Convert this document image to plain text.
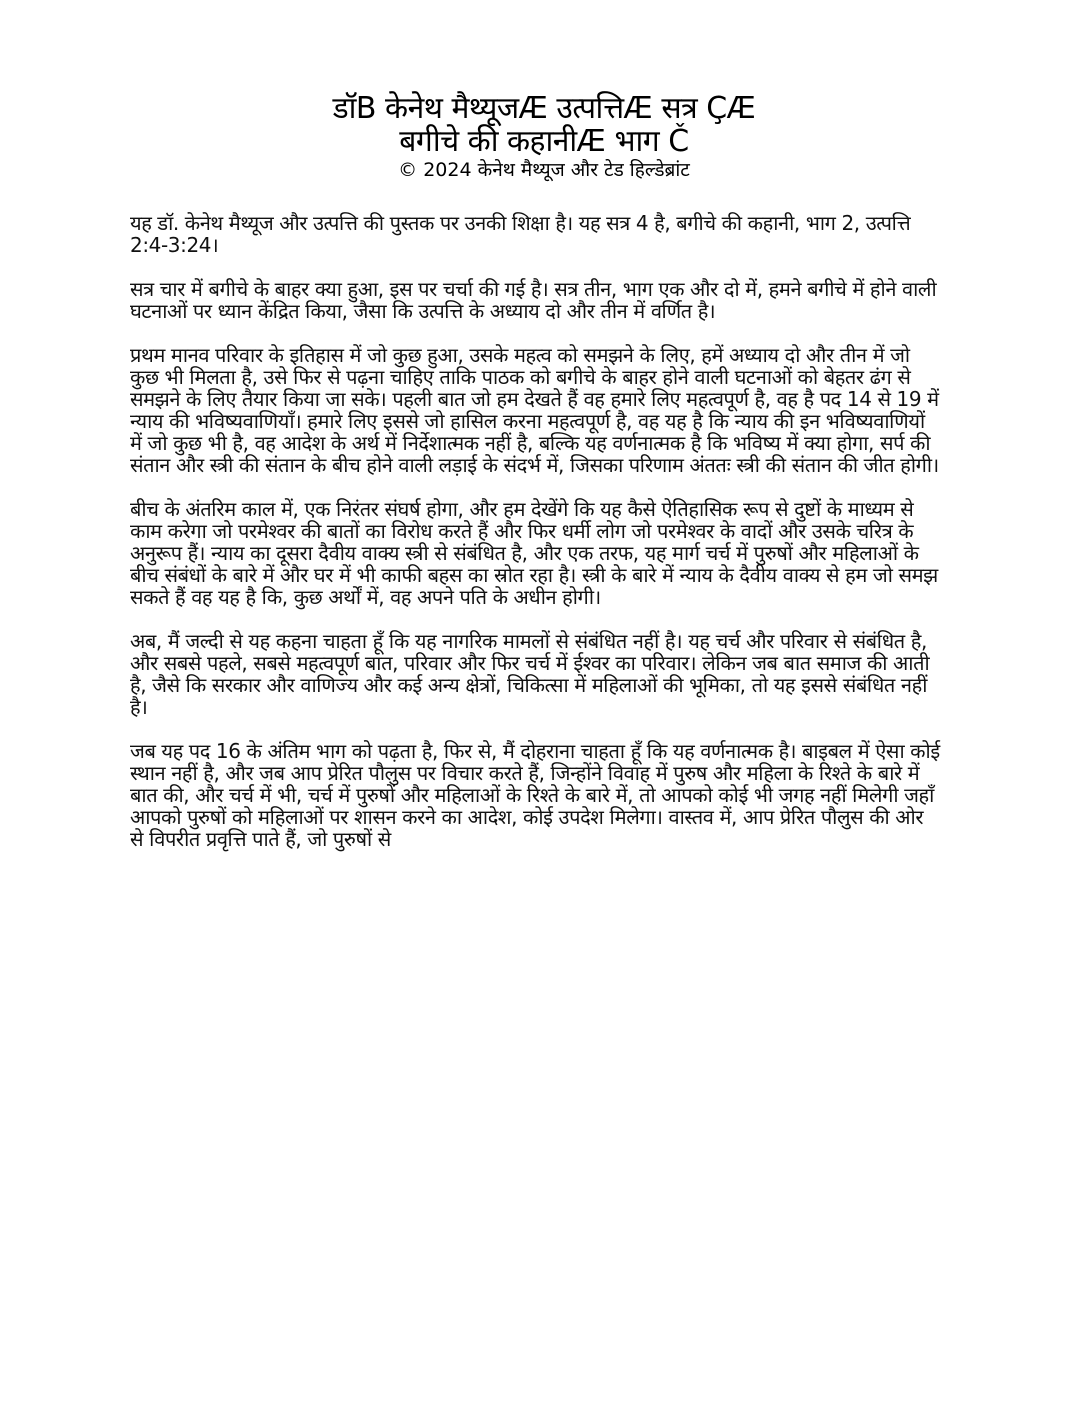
डॉB केनेथ मैथ्यूजÆ उत्पत्तिÆ सत्र ÇÆ
बगीचे की कहानीÆ भाग Č
© 2024 केनेथ मैथ्यूज और टेड हिल्डेब्रांट

यह डॉ. केनेथ मैथ्यूज और उत्पत्ति की पुस्तक पर उनकी शिक्षा है। यह सत्र 4 है, बगीचे की कहानी, भाग 2, उत्पत्ति 2:4-3:24।

सत्र चार में बगीचे के बाहर क्या हुआ, इस पर चर्चा की गई है। सत्र तीन, भाग एक और दो में, हमने बगीचे में होने वाली घटनाओं पर ध्यान केंद्रित किया, जैसा कि उत्पत्ति के अध्याय दो और तीन में वर्णित है।

प्रथम मानव परिवार के इतिहास में जो कुछ हुआ, उसके महत्व को समझने के लिए, हमें अध्याय दो और तीन में जो कुछ भी मिलता है, उसे फिर से पढ़ना चाहिए ताकि पाठक को बगीचे के बाहर होने वाली घटनाओं को बेहतर ढंग से समझने के लिए तैयार किया जा सके। पहली बात जो हम देखते हैं वह हमारे लिए महत्वपूर्ण है, वह है पद 14 से 19 में न्याय की भविष्यवाणियाँ। हमारे लिए इससे जो हासिल करना महत्वपूर्ण है, वह यह है कि न्याय की इन भविष्यवाणियों में जो कुछ भी है, वह आदेश के अर्थ में निर्देशात्मक नहीं है, बल्कि यह वर्णनात्मक है कि भविष्य में क्या होगा, सर्प की संतान और स्त्री की संतान के बीच होने वाली लड़ाई के संदर्भ में, जिसका परिणाम अंततः स्त्री की संतान की जीत होगी।

बीच के अंतरिम काल में, एक निरंतर संघर्ष होगा, और हम देखेंगे कि यह कैसे ऐतिहासिक रूप से दुष्टों के माध्यम से काम करेगा जो परमेश्वर की बातों का विरोध करते हैं और फिर धर्मी लोग जो परमेश्वर के वादों और उसके चरित्र के अनुरूप हैं। न्याय का दूसरा दैवीय वाक्य स्त्री से संबंधित है, और एक तरफ, यह मार्ग चर्च में पुरुषों और महिलाओं के बीच संबंधों के बारे में और घर में भी काफी बहस का स्रोत रहा है। स्त्री के बारे में न्याय के दैवीय वाक्य से हम जो समझ सकते हैं वह यह है कि, कुछ अर्थों में, वह अपने पति के अधीन होगी।

अब, मैं जल्दी से यह कहना चाहता हूँ कि यह नागरिक मामलों से संबंधित नहीं है। यह चर्च और परिवार से संबंधित है, और सबसे पहले, सबसे महत्वपूर्ण बात, परिवार और फिर चर्च में ईश्वर का परिवार। लेकिन जब बात समाज की आती है, जैसे कि सरकार और वाणिज्य और कई अन्य क्षेत्रों, चिकित्सा में महिलाओं की भूमिका, तो यह इससे संबंधित नहीं है।

जब यह पद 16 के अंतिम भाग को पढ़ता है, फिर से, मैं दोहराना चाहता हूँ कि यह वर्णनात्मक है। बाइबल में ऐसा कोई स्थान नहीं है, और जब आप प्रेरित पौलुस पर विचार करते हैं, जिन्होंने विवाह में पुरुष और महिला के रिश्ते के बारे में बात की, और चर्च में भी, चर्च में पुरुषों और महिलाओं के रिश्ते के बारे में, तो आपको कोई भी जगह नहीं मिलेगी जहाँ आपको पुरुषों को महिलाओं पर शासन करने का आदेश, कोई उपदेश मिलेगा। वास्तव में, आप प्रेरित पौलुस की ओर से विपरीत प्रवृत्ति पाते हैं, जो पुरुषों से
